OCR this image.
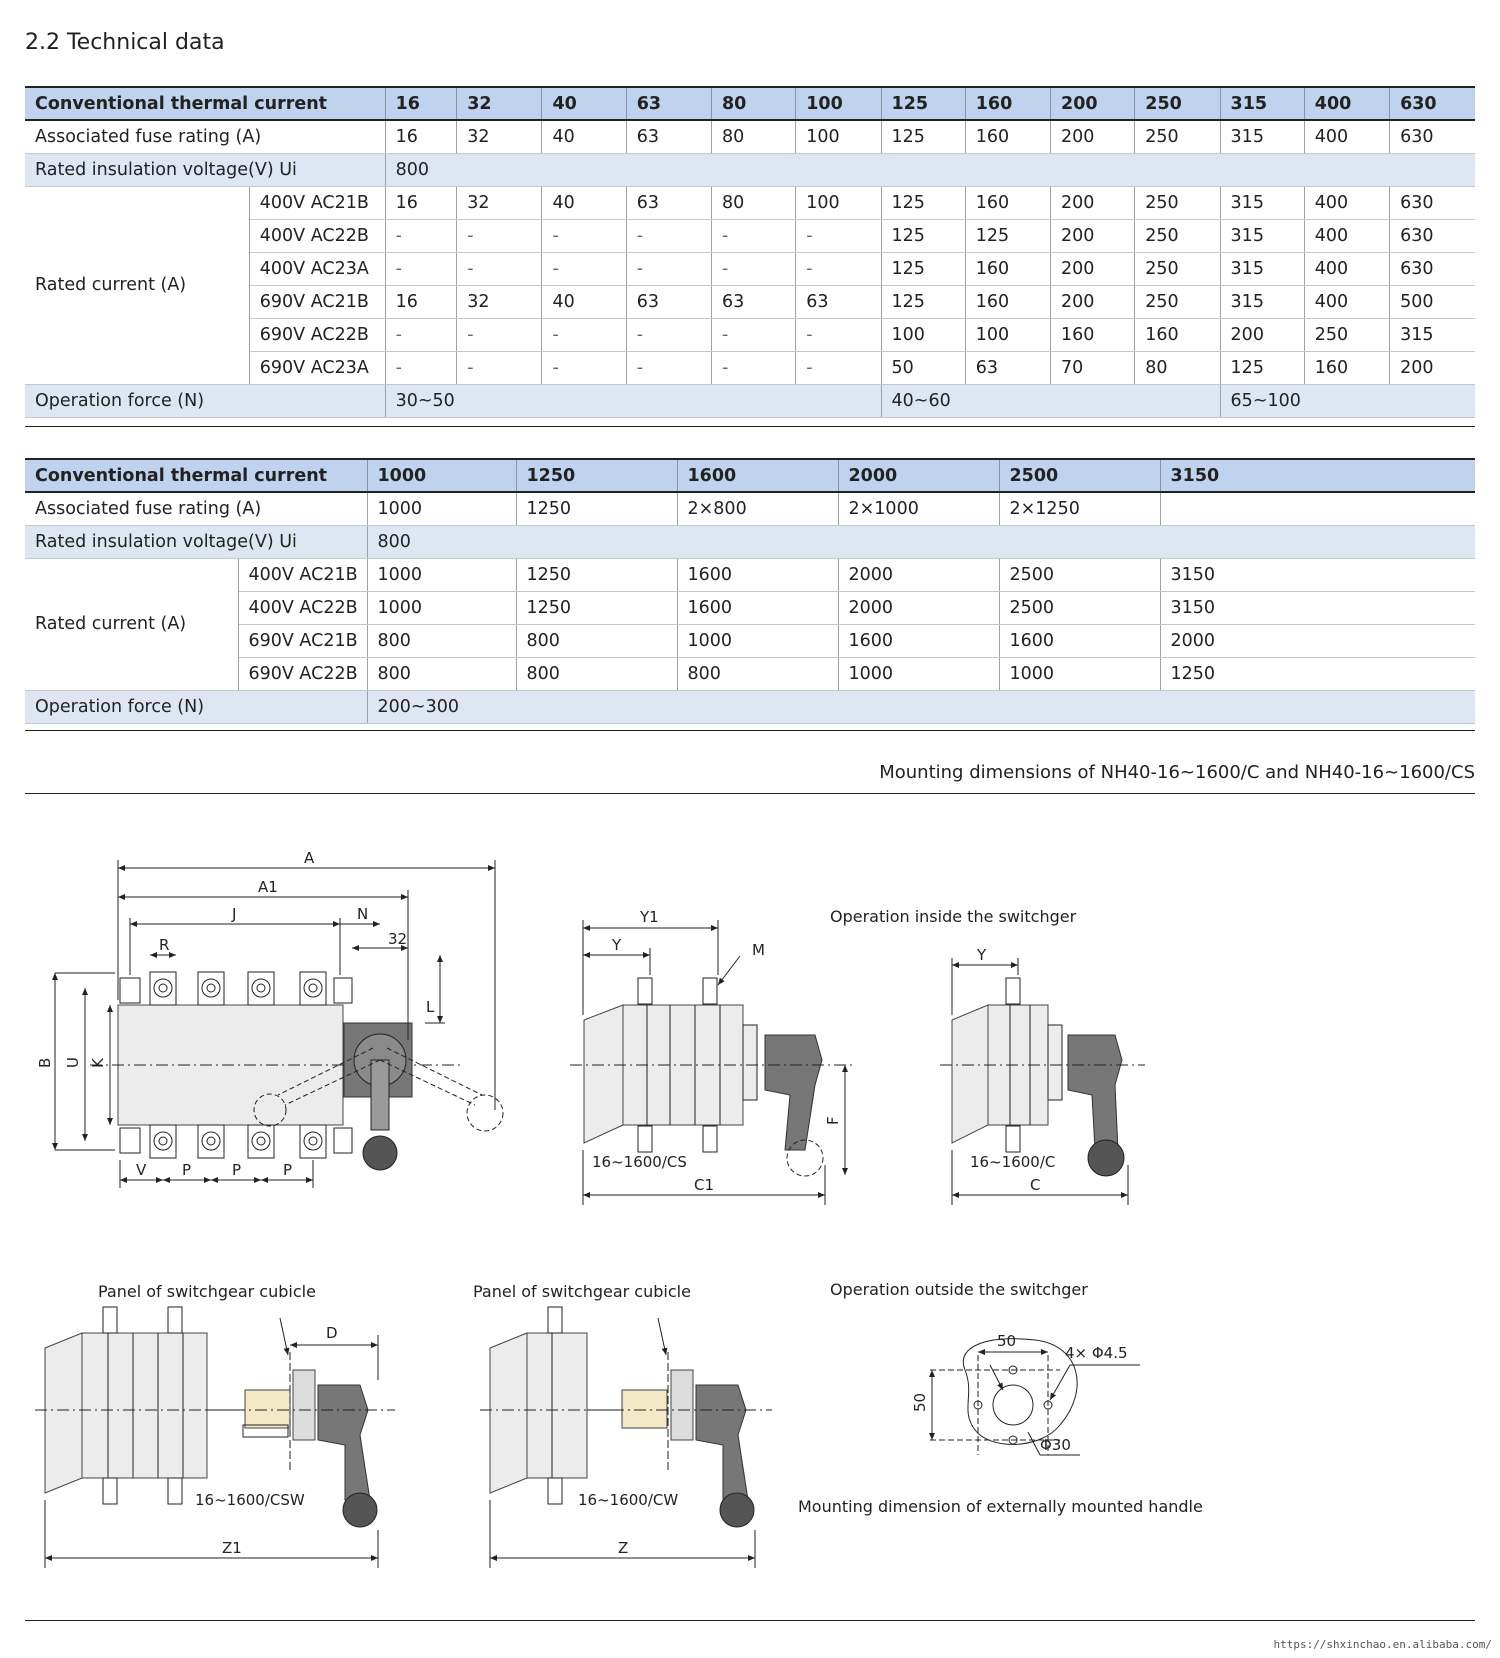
2.2 Technical data
Conventional thermal current		16	32	40	63	80	100	125	160	200	250	315	400	630
Associated fuse rating (A)		16	32	40	63	80	100	125	160	200	250	315	400	630
Rated insulation voltage(V) Ui		800												
Rated current (A)	400V AC21B	16	32	40	63	80	100	125	160	200	250	315	400	630
	400V AC22B	-	-	-	-	-	-	125	125	200	250	315	400	630
	400V AC23A	-	-	-	-	-	-	125	160	200	250	315	400	630
	690V AC21B	16	32	40	63	63	63	125	160	200	250	315	400	500
	690V AC22B	-	-	-	-	-	-	100	100	160	160	200	250	315
	690V AC23A	-	-	-	-	-	-	50	63	70	80	125	160	200
Operation force (N)		30~50						40~60				65~100		
Conventional thermal current		1000	1250	1600	2000	2500	3150
Associated fuse rating (A)		1000	1250	2×800	2×1000	2×1250	
Rated insulation voltage(V) Ui		800					
Rated current (A)	400V AC21B	1000	1250	1600	2000	2500	3150
	400V AC22B	1000	1250	1600	2000	2500	3150
	690V AC21B	800	800	1000	1600	1600	2000
	690V AC22B	800	800	800	1000	1000	1250
Operation force (N)		200~300					
Mounting dimensions of NH40-16~1600/C and NH40-16~1600/CS
A
A1
J	N
R	32
L
B U K
V P	P	P
Y1
Y	M
F
16~1600/CS
C1
Operation inside the switchger
Y
16~1600/C
C
Panel of switchgear cubicle
D
16~1600/CSW
Z1
Panel of switchgear cubicle
16~1600/CW
Z
Operation outside the switchger
50
50
4× Φ4.5
Φ30
Mounting dimension of externally mounted handle
https://shxinchao.en.alibaba.com/
